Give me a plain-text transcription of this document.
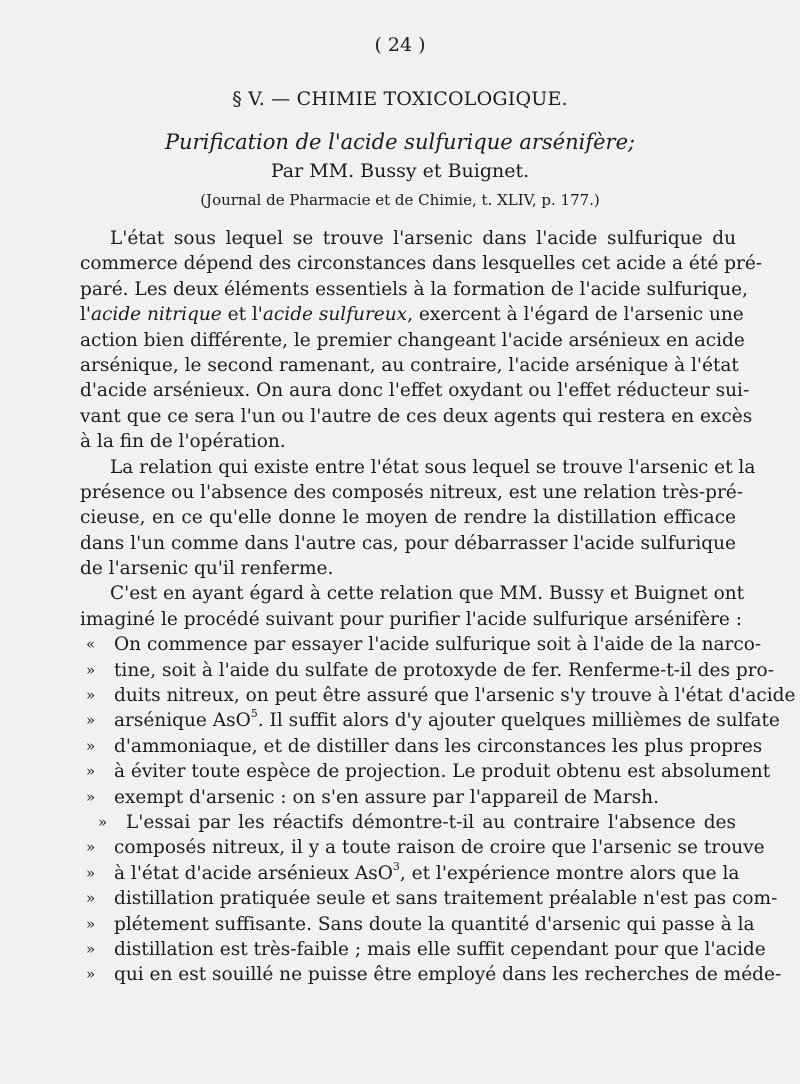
( 24 )
§ V. — CHIMIE TOXICOLOGIQUE.
Purification de l'acide sulfurique arsénifère;
Par MM. Bussy et Buignet.
(Journal de Pharmacie et de Chimie, t. XLIV, p. 177.)
L'état sous lequel se trouve l'arsenic dans l'acide sulfurique du
commerce dépend des circonstances dans lesquelles cet acide a été pré-
paré. Les deux éléments essentiels à la formation de l'acide sulfurique,
l'acide nitrique et l'acide sulfureux, exercent à l'égard de l'arsenic une
action bien différente, le premier changeant l'acide arsénieux en acide
arsénique, le second ramenant, au contraire, l'acide arsénique à l'état
d'acide arsénieux. On aura donc l'effet oxydant ou l'effet réducteur sui-
vant que ce sera l'un ou l'autre de ces deux agents qui restera en excès
à la fin de l'opération.
La relation qui existe entre l'état sous lequel se trouve l'arsenic et la
présence ou l'absence des composés nitreux, est une relation très-pré-
cieuse, en ce qu'elle donne le moyen de rendre la distillation efficace
dans l'un comme dans l'autre cas, pour débarrasser l'acide sulfurique
de l'arsenic qu'il renferme.
C'est en ayant égard à cette relation que MM. Bussy et Buignet ont
imaginé le procédé suivant pour purifier l'acide sulfurique arsénifère :
«	On commence par essayer l'acide sulfurique soit à l'aide de la narco-
»	tine, soit à l'aide du sulfate de protoxyde de fer. Renferme-t-il des pro-
»	duits nitreux, on peut être assuré que l'arsenic s'y trouve à l'état d'acide
»	arsénique AsO$^5$. Il suffit alors d'y ajouter quelques millièmes de sulfate
»	d'ammoniaque, et de distiller dans les circonstances les plus propres
»	à éviter toute espèce de projection. Le produit obtenu est absolument
»	exempt d'arsenic : on s'en assure par l'appareil de Marsh.
»	L'essai par les réactifs démontre-t-il au contraire l'absence des
»	composés nitreux, il y a toute raison de croire que l'arsenic se trouve
»	à l'état d'acide arsénieux AsO$^3$, et l'expérience montre alors que la
»	distillation pratiquée seule et sans traitement préalable n'est pas com-
»	plétement suffisante. Sans doute la quantité d'arsenic qui passe à la
»	distillation est très-faible ; mais elle suffit cependant pour que l'acide
»	qui en est souillé ne puisse être employé dans les recherches de méde-
